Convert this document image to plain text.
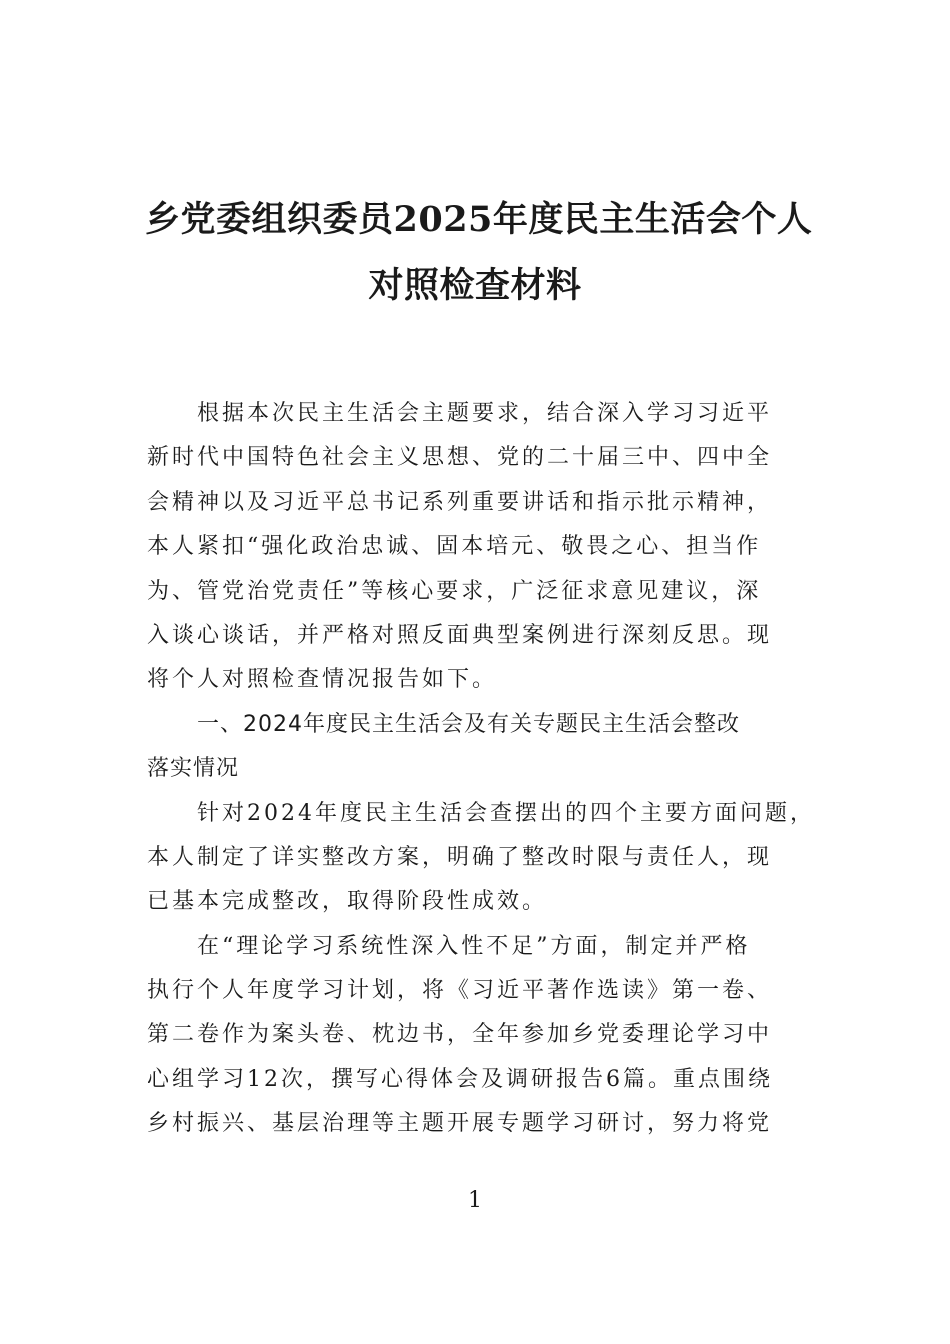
乡党委组织委员2025年度民主生活会个人
对照检查材料

根据本次民主生活会主题要求，结合深入学习习近平
新时代中国特色社会主义思想、党的二十届三中、四中全
会精神以及习近平总书记系列重要讲话和指示批示精神，
本人紧扣“强化政治忠诚、固本培元、敬畏之心、担当作
为、管党治党责任”等核心要求，广泛征求意见建议，深
入谈心谈话，并严格对照反面典型案例进行深刻反思。现
将个人对照检查情况报告如下。

一、2024年度民主生活会及有关专题民主生活会整改
落实情况

针对2024年度民主生活会查摆出的四个主要方面问题，
本人制定了详实整改方案，明确了整改时限与责任人，现
已基本完成整改，取得阶段性成效。

在“理论学习系统性深入性不足”方面，制定并严格
执行个人年度学习计划，将《习近平著作选读》第一卷、
第二卷作为案头卷、枕边书，全年参加乡党委理论学习中
心组学习12次，撰写心得体会及调研报告6篇。重点围绕
乡村振兴、基层治理等主题开展专题学习研讨，努力将党

1
